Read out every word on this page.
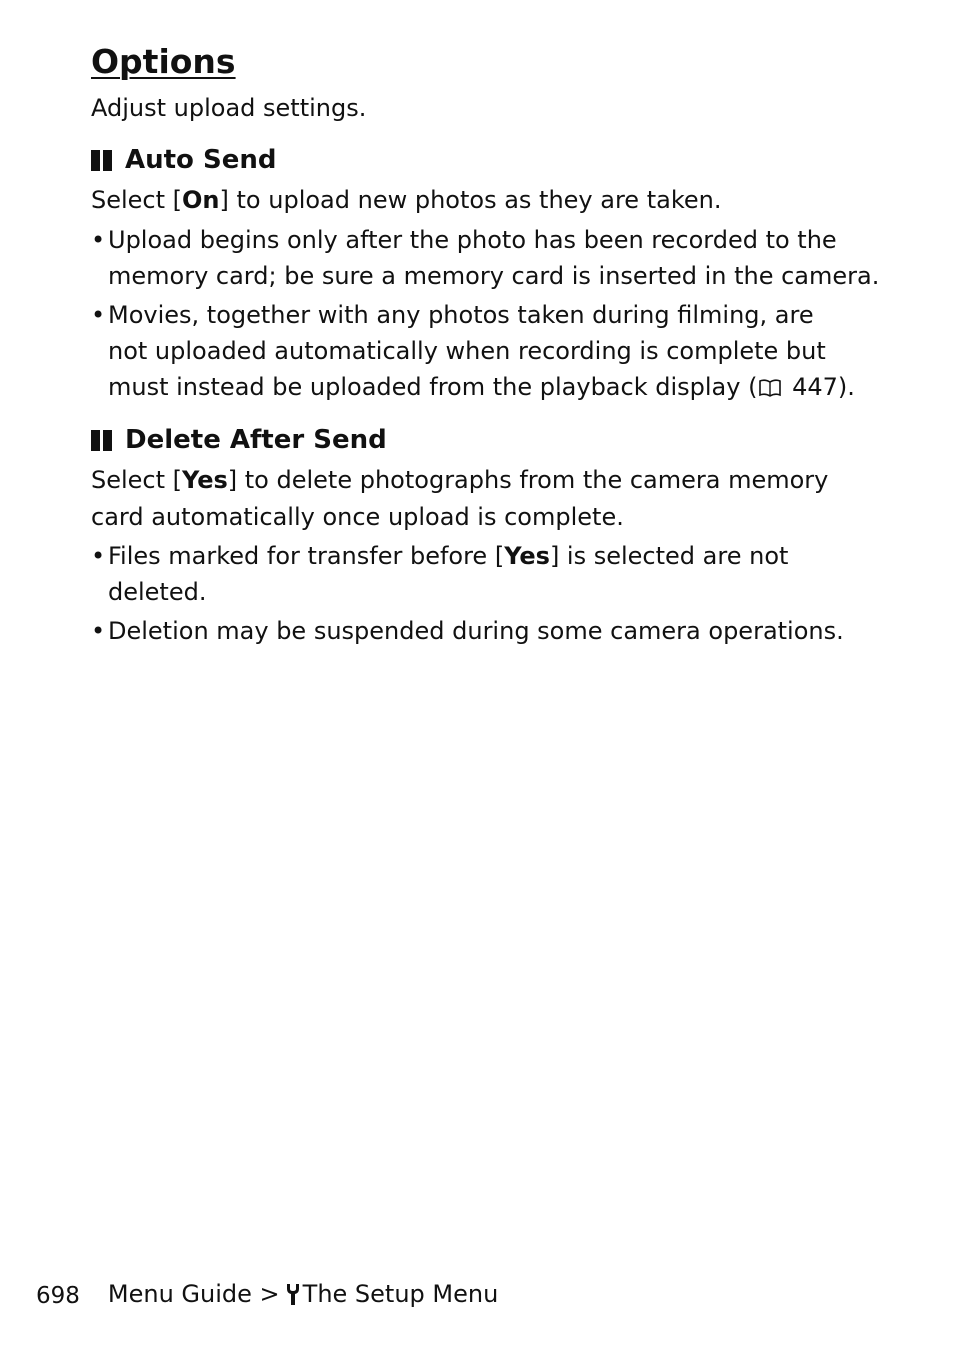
Options

Adjust upload settings.

Auto Send

Select [On] to upload new photos as they are taken.

• Upload begins only after the photo has been recorded to the
memory card; be sure a memory card is inserted in the camera.
• Movies, together with any photos taken during filming, are
not uploaded automatically when recording is complete but
must instead be uploaded from the playback display ( 447).
Delete After Send

Select [Yes] to delete photographs from the camera memory
card automatically once upload is complete.

• Files marked for transfer before [Yes] is selected are not
deleted.
• Deletion may be suspended during some camera operations.
698 Menu Guide > The Setup Menu
